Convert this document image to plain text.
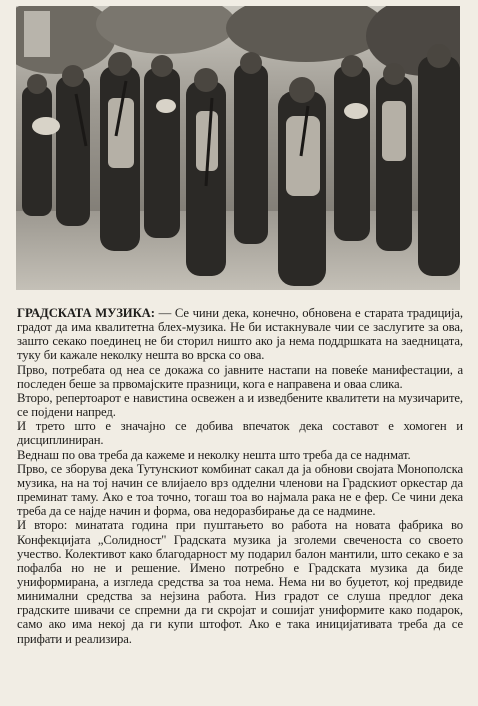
ГРАДСКАТА МУЗИКА: — Се чини дека, конечно, обновена е старата традиција, градот да има квалитетна блех-музика. Не би истакнувале чии се заслугите за ова, зашто секако поединец не би сторил ништо ако ја нема поддршката на заедницата, туку би кажале неколку нешта во врска со ова.

Прво, потребата од неа се докажа со јавните настапи на повеќе манифестации, а последен беше за првомајските празници, кога е направена и оваа слика.

Второ, репертоарот е навистина освежен а и изведбените квалитети на музичарите, се појдени напред.

И трето што е значајно се добива впечаток дека составот е хомоген и дисциплиниран.

Веднаш по ова треба да кажеме и неколку нешта што треба да се наднмат.

Прво, се зборува дека Тутунскиот комбинат сакал да ја обнови својата Монополска музика, на на тој начин се влијаело врз одделни членови на Градскиот оркестар да преминат таму. Ако е тоа точно, тогаш тоа во најмала рака не е фер. Се чини дека треба да се најде начин и форма, ова недоразбирање да се надмине.

И второ: минатата година при пуштањето во работа на новата фабрика во Конфекцијата „Солидност" Градската музика ја зголеми свеченоста со своето учество. Колективот како благодарност му подарил балон мантили, што секако е за пофалба но не и решение. Имено потребно е Градската музика да биде униформирана, а изгледа средства за тоа нема. Нема ни во буџетот, кој предвиде минимални средства за нејзина работа. Низ градот се слуша предлог дека градските шивачи се спремни да ги скројат и сошијат униформите како подарок, само ако има некој да ги купи штофот. Ако е така иницијативата треба да се прифати и реализира.
